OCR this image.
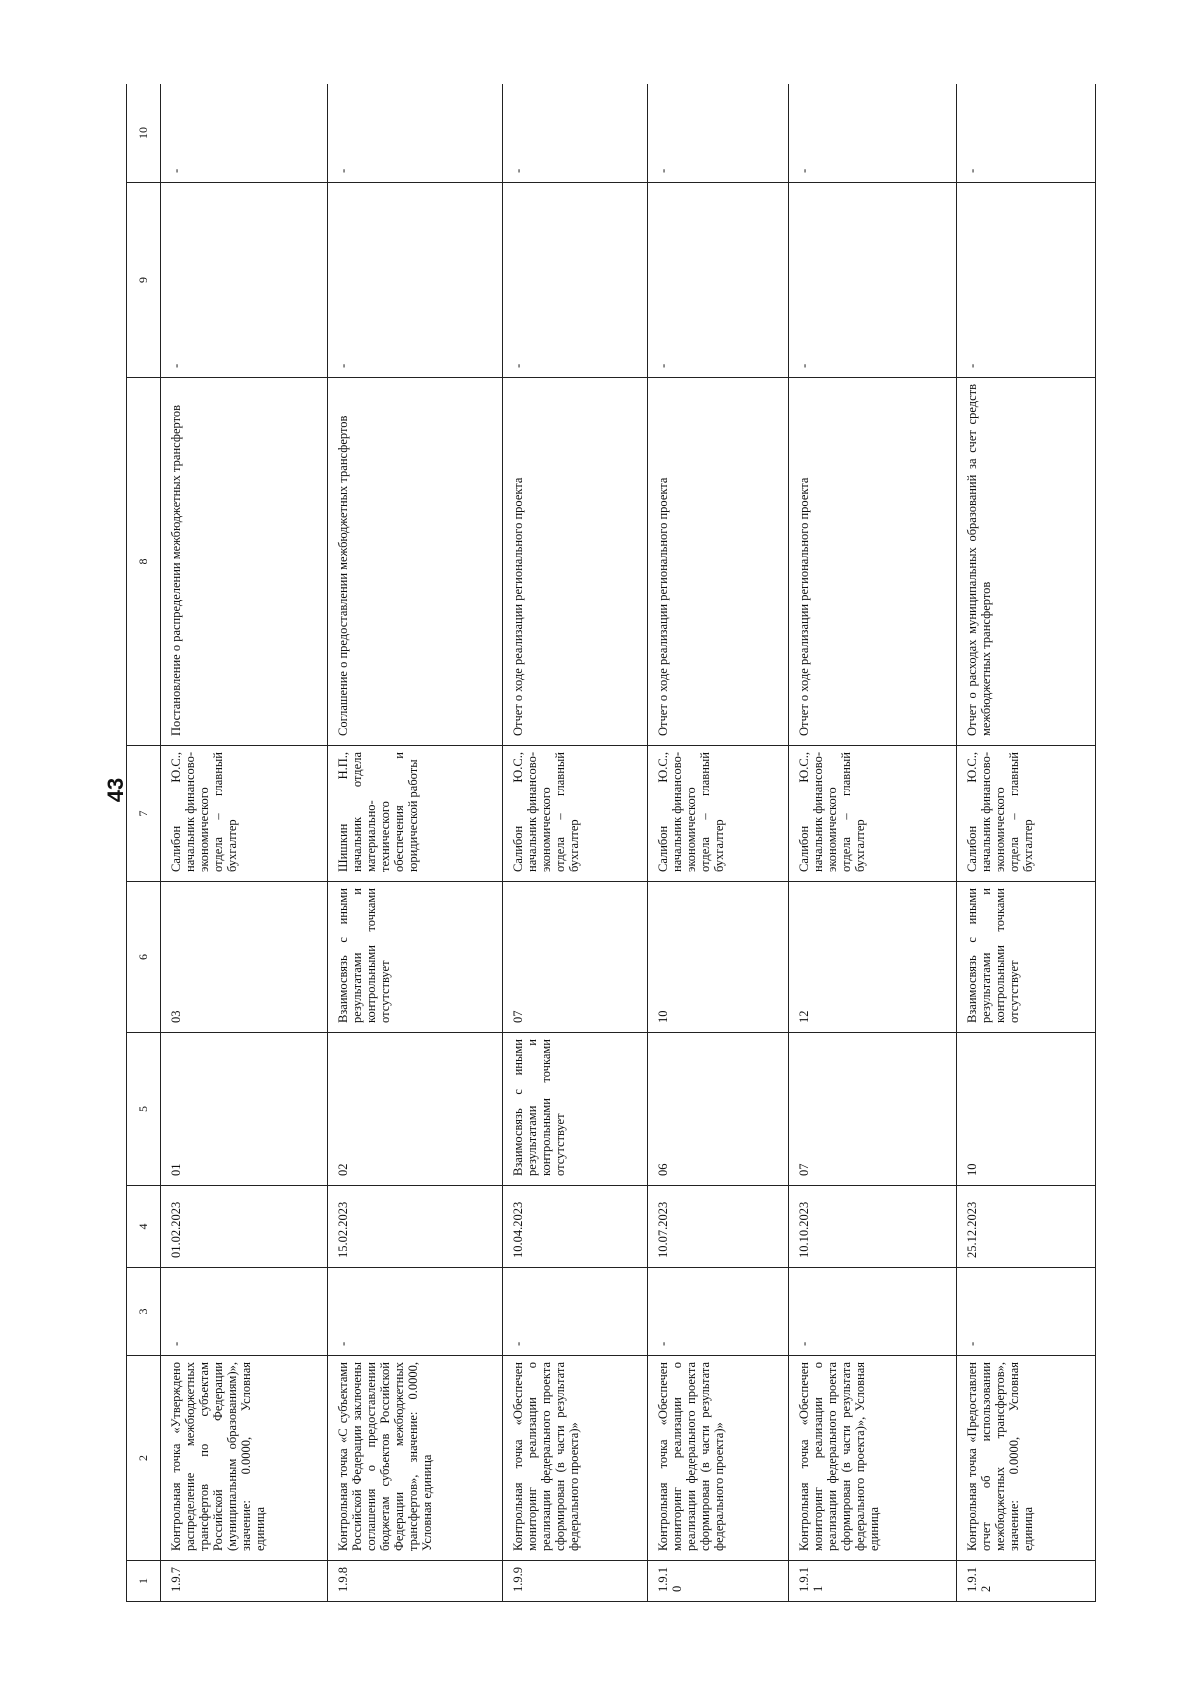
43
1	2	3	4	5	6	7	8	9	10
1.9.7	Контрольная точка «Утверждено распределение межбюджетных трансфертов по субъектам Российской Федерации (муниципальным образованиям)», значение: 0.0000, Условная единица	-	01.02.2023	01	03	Салибон Ю.С., начальник финансово-экономического отдела – главный бухгалтер	Постановление о распределении межбюджетных трансфертов	-	-
1.9.8	Контрольная точка «С субъектами Российской Федерации заключены соглашения о предоставлении бюджетам субъектов Российской Федерации межбюджетных трансфертов», значение: 0.0000, Условная единица	-	15.02.2023	02	Взаимосвязь с иными результатами и контрольными точками отсутствует	Шишкин Н.П., начальник отдела материально-технического обеспечения и юридической работы	Соглашение о предоставлении межбюджетных трансфертов	-	-
1.9.9	Контрольная точка «Обеспечен мониторинг реализации о реализации федерального проекта сформирован (в части результата федерального проекта)»	-	10.04.2023	Взаимосвязь с иными результатами и контрольными точками отсутствует	07	Салибон Ю.С., начальник финансово-экономического отдела – главный бухгалтер	Отчет о ходе реализации регионального проекта	-	-
1.9.10	Контрольная точка «Обеспечен мониторинг реализации о реализации федерального проекта сформирован (в части результата федерального проекта)»	-	10.07.2023	06	10	Салибон Ю.С., начальник финансово-экономического отдела – главный бухгалтер	Отчет о ходе реализации регионального проекта	-	-
1.9.11	Контрольная точка «Обеспечен мониторинг реализации о реализации федерального проекта сформирован (в части результата федерального проекта)», Условная единица	-	10.10.2023	07	12	Салибон Ю.С., начальник финансово-экономического отдела – главный бухгалтер	Отчет о ходе реализации регионального проекта	-	-
1.9.12	Контрольная точка «Предоставлен отчет об использовании межбюджетных трансфертов», значение: 0.0000, Условная единица	-	25.12.2023	10	Взаимосвязь с иными результатами и контрольными точками отсутствует	Салибон Ю.С., начальник финансово-экономического отдела – главный бухгалтер	Отчет о расходах муниципальных образований за счет средств межбюджетных трансфертов	-	-
